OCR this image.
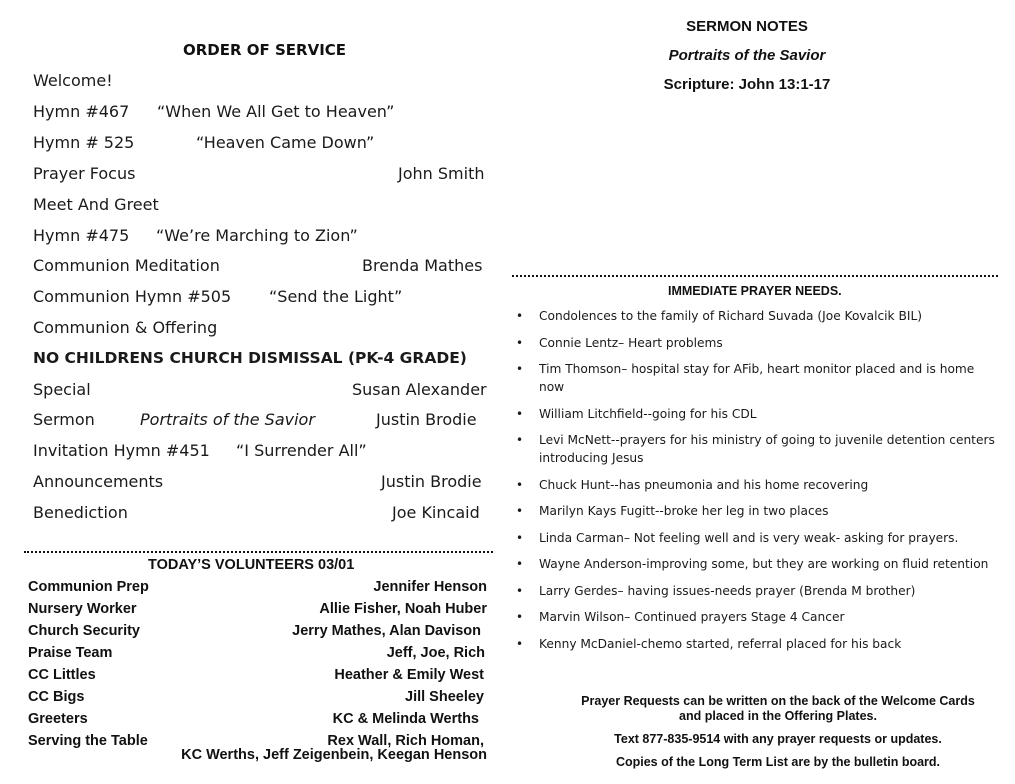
ORDER OF SERVICE
Welcome!
Hymn #467 “When We All Get to Heaven”
Hymn # 525	“Heaven Came Down”
Prayer Focus	John Smith
Meet And Greet
Hymn #475 “We’re Marching to Zion”
Communion Meditation	Brenda Mathes
Communion Hymn #505 “Send the Light”
Communion & Offering
NO CHILDRENS CHURCH DISMISSAL (PK-4 GRADE)
Special	Susan Alexander
Sermon	Portraits of the Savior	Justin Brodie
Invitation Hymn #451 “I Surrender All”
Announcements	Justin Brodie
Benediction	Joe Kincaid
TODAY’S VOLUNTEERS 03/01
Communion Prep	Jennifer Henson
Nursery Worker	Allie Fisher, Noah Huber
Church Security	Jerry Mathes, Alan Davison
Praise Team	Jeff, Joe, Rich
CC Littles	Heather & Emily West
CC Bigs	Jill Sheeley
Greeters	KC & Melinda Werths
Serving the Table	Rex Wall, Rich Homan,
KC Werths, Jeff Zeigenbein, Keegan Henson
SERMON NOTES
Portraits of the Savior
Scripture: John 13:1-17
IMMEDIATE PRAYER NEEDS.
• Condolences to the family of Richard Suvada (Joe Kovalcik BIL)
• Connie Lentz– Heart problems
• Tim Thomson– hospital stay for AFib, heart monitor placed and is home now
• William Litchfield--going for his CDL
• Levi McNett--prayers for his ministry of going to juvenile detention centers introducing Jesus
• Chuck Hunt--has pneumonia and his home recovering
• Marilyn Kays Fugitt--broke her leg in two places
• Linda Carman– Not feeling well and is very weak- asking for prayers.
• Wayne Anderson-improving some, but they are working on fluid retention
• Larry Gerdes– having issues-needs prayer (Brenda M brother)
• Marvin Wilson– Continued prayers Stage 4 Cancer
• Kenny McDaniel-chemo started, referral placed for his back
Prayer Requests can be written on the back of the Welcome Cards
and placed in the Offering Plates.
Text 877-835-9514 with any prayer requests or updates.
Copies of the Long Term List are by the bulletin board.
